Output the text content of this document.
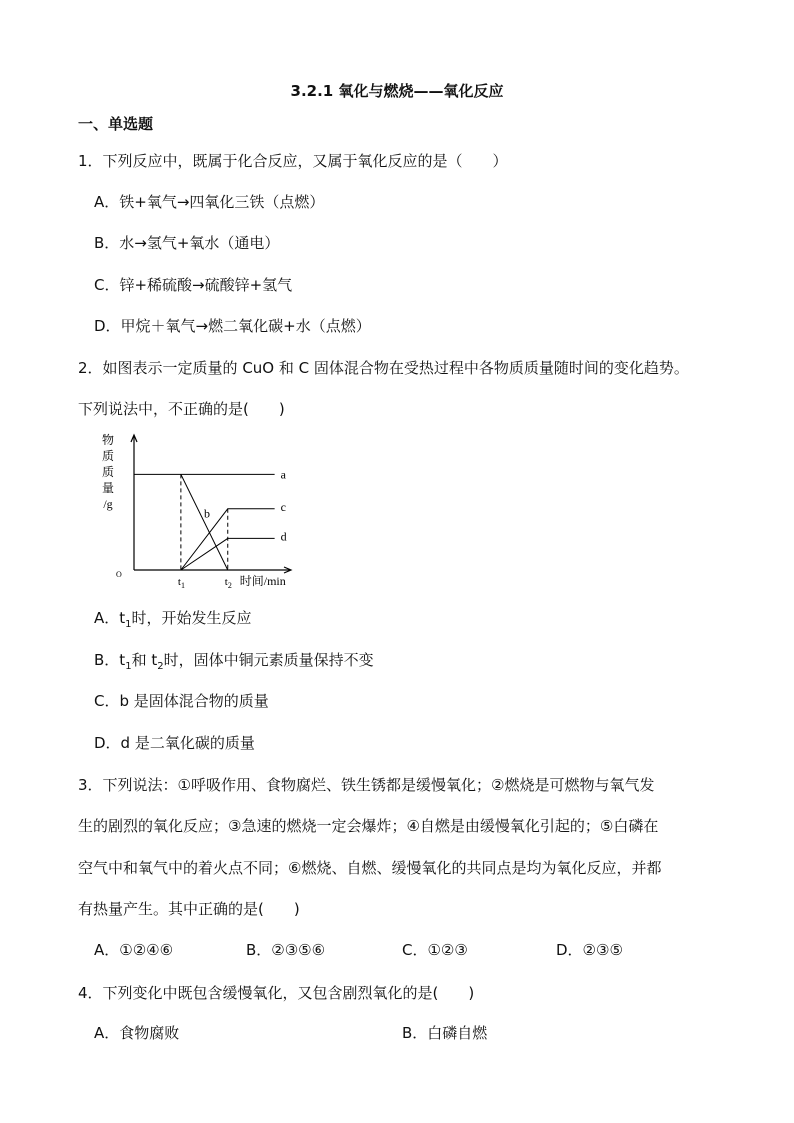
3.2.1 氧化与燃烧——氧化反应
一、单选题
1．下列反应中，既属于化合反应，又属于氧化反应的是（　　）
A．铁+氧气→四氧化三铁（点燃）
B．水→氢气+氧水（通电）
C．锌+稀硫酸→硫酸锌+氢气
D．甲烷＋氧气→燃二氧化碳+水（点燃）
2．如图表示一定质量的 CuO 和 C 固体混合物在受热过程中各物质质量随时间的变化趋势。
下列说法中，不正确的是(　　)
物
质
质
量
/g
O
a
b	c
d
$t_1$	$t_2$ 时间/min
A．$t_1$时，开始发生反应
B．$t_1$和 $t_2$时，固体中铜元素质量保持不变
C．b 是固体混合物的质量
D．d 是二氧化碳的质量
3．下列说法：①呼吸作用、食物腐烂、铁生锈都是缓慢氧化；②燃烧是可燃物与氧气发
生的剧烈的氧化反应；③急速的燃烧一定会爆炸；④自燃是由缓慢氧化引起的；⑤白磷在
空气中和氧气中的着火点不同；⑥燃烧、自燃、缓慢氧化的共同点是均为氧化反应，并都
有热量产生。其中正确的是(　　)
A．①②④⑥	B．②③⑤⑥	C．①②③	D．②③⑤
4．下列变化中既包含缓慢氧化，又包含剧烈氧化的是(　　)
A．食物腐败	B．白磷自燃
